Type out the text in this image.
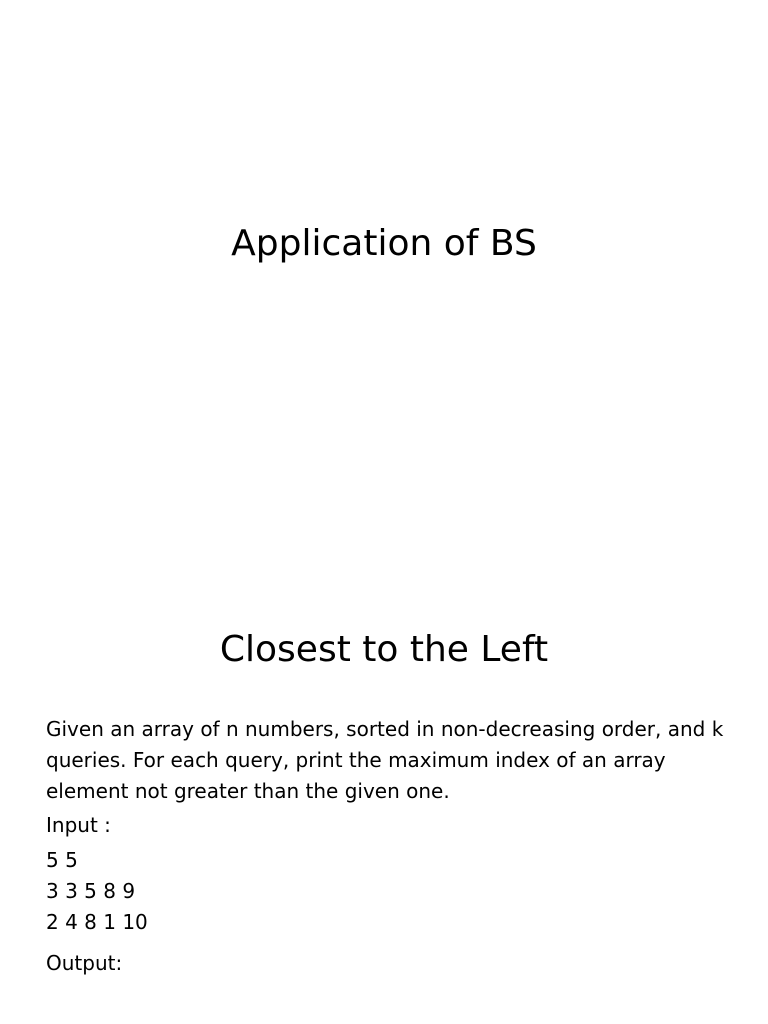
Application of BS
Closest to the Left

Given an array of n numbers, sorted in non-decreasing order, and k queries. For each query, print the maximum index of an array element not greater than the given one.

Input :
5 5
3 3 5 8 9
2 4 8 1 10
Output:
